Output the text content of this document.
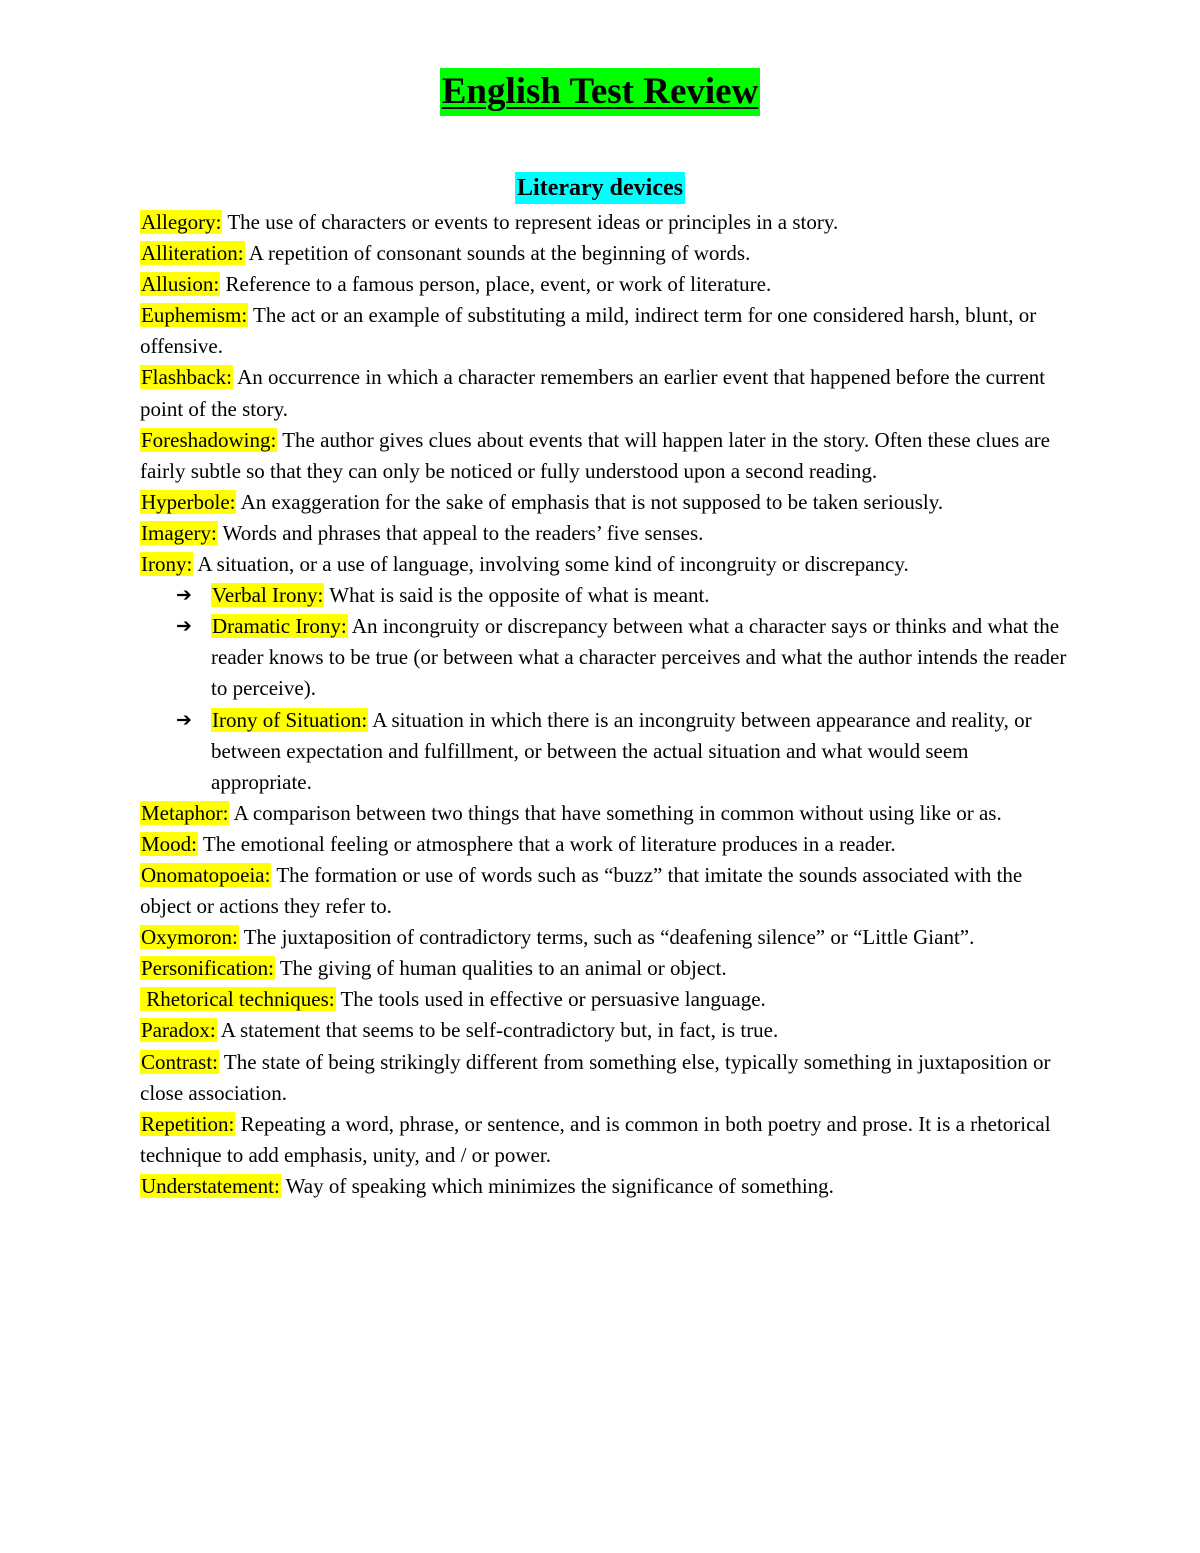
English Test Review
Literary devices

Allegory: The use of characters or events to represent ideas or principles in a story.

Alliteration: A repetition of consonant sounds at the beginning of words.

Allusion: Reference to a famous person, place, event, or work of literature.

Euphemism: The act or an example of substituting a mild, indirect term for one considered harsh, blunt, or offensive.

Flashback: An occurrence in which a character remembers an earlier event that happened before the current point of the story.

Foreshadowing: The author gives clues about events that will happen later in the story. Often these clues are fairly subtle so that they can only be noticed or fully understood upon a second reading.

Hyperbole: An exaggeration for the sake of emphasis that is not supposed to be taken seriously.

Imagery: Words and phrases that appeal to the readers’ five senses.

Irony: A situation, or a use of language, involving some kind of incongruity or discrepancy.

➔ Verbal Irony: What is said is the opposite of what is meant.

➔ Dramatic Irony: An incongruity or discrepancy between what a character says or thinks and what the reader knows to be true (or between what a character perceives and what the author intends the reader to perceive).

➔ Irony of Situation: A situation in which there is an incongruity between appearance and reality, or between expectation and fulfillment, or between the actual situation and what would seem appropriate.

Metaphor: A comparison between two things that have something in common without using like or as.

Mood: The emotional feeling or atmosphere that a work of literature produces in a reader.

Onomatopoeia: The formation or use of words such as “buzz” that imitate the sounds associated with the object or actions they refer to.

Oxymoron: The juxtaposition of contradictory terms, such as “deafening silence” or “Little Giant”.

Personification: The giving of human qualities to an animal or object.

Rhetorical techniques: The tools used in effective or persuasive language.

Paradox: A statement that seems to be self-contradictory but, in fact, is true.

Contrast: The state of being strikingly different from something else, typically something in juxtaposition or close association.

Repetition: Repeating a word, phrase, or sentence, and is common in both poetry and prose. It is a rhetorical technique to add emphasis, unity, and / or power.

Understatement: Way of speaking which minimizes the significance of something.
